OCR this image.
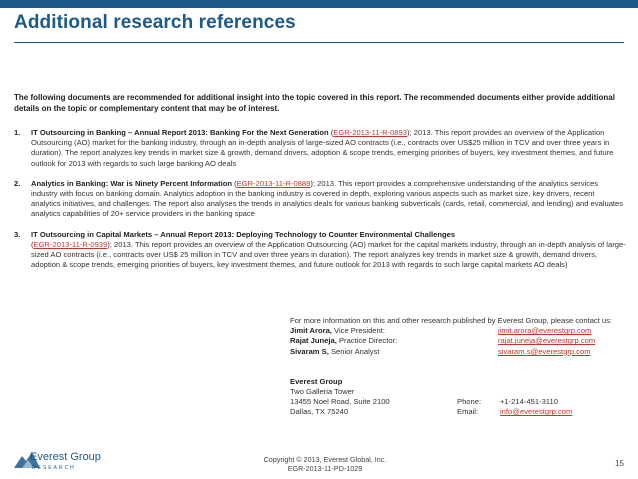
Additional research references
The following documents are recommended for additional insight into the topic covered in this report. The recommended documents either provide additional details on the topic or complementary content that may be of interest.
1. IT Outsourcing in Banking – Annual Report 2013: Banking For the Next Generation (EGR-2013-11-R-0893); 2013. This report provides an overview of the Application Outsourcing (AO) market for the banking industry, through an in-depth analysis of large-sized AO contracts (i.e., contracts over US$25 million in TCV and over three years in duration). The report analyzes key trends in market size & growth, demand drivers, adoption & scope trends, emerging priorities of buyers, key investment themes, and future outlook for 2013 with regards to such large banking AO deals
2. Analytics in Banking: War is Ninety Percent Information (EGR-2013-11-R-0888); 2013. This report provides a comprehensive understanding of the analytics services industry with focus on banking domain. Analytics adoption in the banking industry is covered in depth, exploring various aspects such as market size, key drivers, recent analytics initiatives, and challenges. The report also analyses the trends in analytics deals for various banking subverticals (cards, retail, commercial, and lending) and evaluates analytics capabilities of 20+ service providers in the banking space
3. IT Outsourcing in Capital Markets – Annual Report 2013: Deploying Technology to Counter Environmental Challenges
(EGR-2013-11-R-0939); 2013. This report provides an overview of the Application Outsourcing (AO) market for the capital markets industry, through an in-depth analysis of large-sized AO contracts (i.e., contracts over US$ 25 million in TCV and over three years in duration). The report analyzes key trends in market size & growth, demand drivers, adoption & scope trends, emerging priorities of buyers, key investment themes, and future outlook for 2013 with regards to such large capital markets AO deals)
For more information on this and other research published by Everest Group, please contact us:
Jimit Arora, Vice President:	jimit.arora@everestgrp.com
Rajat Juneja, Practice Director:	rajat.juneja@everestgrp.com
Sivaram S, Senior Analyst	sivaram.s@everestgrp.com
Everest Group
Two Galleria Tower
13455 Noel Road, Suite 2100	Phone: +1-214-451-3110
Dallas, TX 75240	Email:	info@everestgrp.com
Everest Group
RESEARCH
Copyright © 2013, Everest Global, Inc.
EGR-2013-11-PD-1029
15
